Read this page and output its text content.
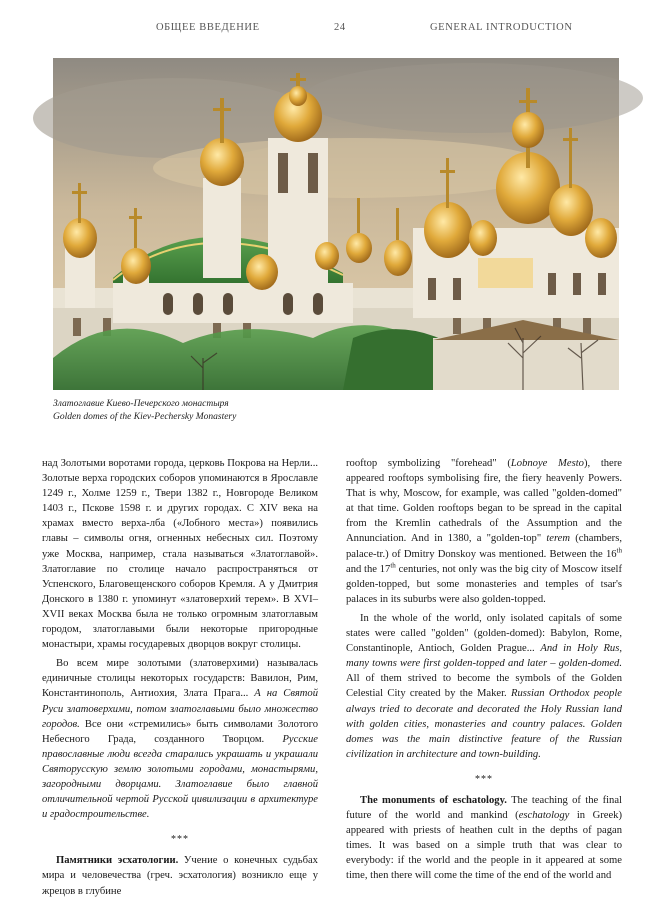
ОБЩЕЕ ВВЕДЕНИЕ	24	GENERAL INTRODUCTION
Златоглавие Киево-Печерского монастыря
Golden domes of the Kiev-Pechersky Monastery

над Золотыми воротами города, церковь Покрова на Нерли... Золотые верха городских соборов упоминаются в Ярославле 1249 г., Холме 1259 г., Твери 1382 г., Новгороде Великом 1403 г., Пскове 1598 г. и других городах. С XIV века на храмах вместо верха-лба («Лобного места») появились главы – символы огня, огненных небесных сил. Поэтому уже Москва, например, стала называться «Златоглавой». Златоглавие по столице начало распространяться от Успенского, Благовещенского соборов Кремля. А у Дмитрия Донского в 1380 г. упоминут «златоверхий терем». В XVI–XVII веках Москва была не только огромным златоглавым городом, златоглавыми были некоторые пригородные монастыри, храмы государевых дворцов вокруг столицы.

Во всем мире золотыми (златоверхими) называлась единичные столицы некоторых государств: Вавилон, Рим, Константинополь, Антиохия, Злата Прага... А на Святой Руси златоверхими, потом златоглавыми было множество городов. Все они «стремились» быть символами Золотого Небесного Града, созданного Творцом. Русские православные люди всегда старались украшать и украшали Святорусскую землю золотыми городами, монастырями, загородными дворцами. Златоглавие было главной отличительной чертой Русской цивилизации в архитектуре и градостроительстве.

***

Памятники эсхатологии. Учение о конечных судьбах мира и человечества (греч. эсхатология) возникло еще у жрецов в глубине

rooftop symbolizing "forehead" (Lobnoye Mesto), there appeared rooftops symbolising fire, the fiery heavenly Powers. That is why, Moscow, for example, was called "golden-domed" at that time. Golden rooftops began to be spread in the capital from the Kremlin cathedrals of the Assumption and the Annunciation. And in 1380, a "golden-top" terem (chambers, palace-tr.) of Dmitry Donskoy was mentioned. Between the 16th and the 17th centuries, not only was the big city of Moscow itself golden-topped, but some monasteries and temples of tsar's palaces in its suburbs were also golden-topped.

In the whole of the world, only isolated capitals of some states were called "golden" (golden-domed): Babylon, Rome, Constantinople, Antioch, Golden Prague... And in Holy Rus, many towns were first golden-topped and later – golden-domed. All of them strived to become the symbols of the Golden Celestial City created by the Maker. Russian Orthodox people always tried to decorate and decorated the Holy Russian land with golden cities, monasteries and country palaces. Golden domes was the main distinctive feature of the Russian civilization in architecture and town-building.

***

The monuments of eschatology. The teaching of the final future of the world and mankind (eschatology in Greek) appeared with priests of heathen cult in the depths of pagan times. It was based on a simple truth that was clear to everybody: if the world and the people in it appeared at some time, then there will come the time of the end of the world and
